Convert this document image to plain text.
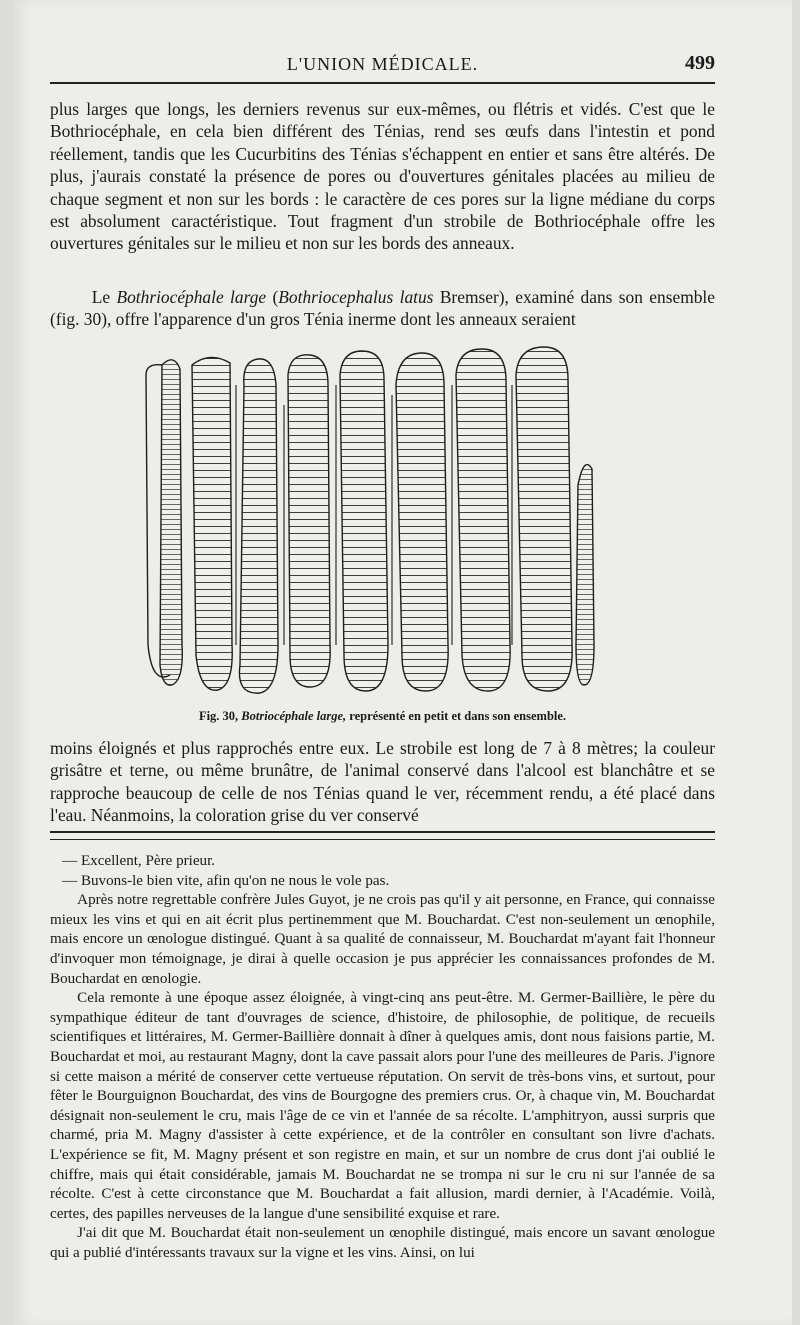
L'UNION MÉDICALE.	499

plus larges que longs, les derniers revenus sur eux-mêmes, ou flétris et vidés. C'est que le Bothriocéphale, en cela bien différent des Ténias, rend ses œufs dans l'intestin et pond réellement, tandis que les Cucurbitins des Ténias s'échappent en entier et sans être altérés. De plus, j'aurais constaté la présence de pores ou d'ouvertures génitales placées au milieu de chaque segment et non sur les bords : le caractère de ces pores sur la ligne médiane du corps est absolument caractéristique. Tout fragment d'un strobile de Bothriocéphale offre les ouvertures génitales sur le milieu et non sur les bords des anneaux.

Le Bothriocéphale large (Bothriocephalus latus Bremser), examiné dans son ensemble (fig. 30), offre l'apparence d'un gros Ténia inerme dont les anneaux seraient

Fig. 30, Botriocéphale large, représenté en petit et dans son ensemble.

moins éloignés et plus rapprochés entre eux. Le strobile est long de 7 à 8 mètres; la couleur grisâtre et terne, ou même brunâtre, de l'animal conservé dans l'alcool est blanchâtre et se rapproche beaucoup de celle de nos Ténias quand le ver, récemment rendu, a été placé dans l'eau. Néanmoins, la coloration grise du ver conservé

— Excellent, Père prieur.

— Buvons-le bien vite, afin qu'on ne nous le vole pas.

Après notre regrettable confrère Jules Guyot, je ne crois pas qu'il y ait personne, en France, qui connaisse mieux les vins et qui en ait écrit plus pertinemment que M. Bouchardat. C'est non-seulement un œnophile, mais encore un œnologue distingué. Quant à sa qualité de connaisseur, M. Bouchardat m'ayant fait l'honneur d'invoquer mon témoignage, je dirai à quelle occasion je pus apprécier les connaissances profondes de M. Bouchardat en œnologie.

Cela remonte à une époque assez éloignée, à vingt-cinq ans peut-être. M. Germer-Baillière, le père du sympathique éditeur de tant d'ouvrages de science, d'histoire, de philosophie, de politique, de recueils scientifiques et littéraires, M. Germer-Baillière donnait à dîner à quelques amis, dont nous faisions partie, M. Bouchardat et moi, au restaurant Magny, dont la cave passait alors pour l'une des meilleures de Paris. J'ignore si cette maison a mérité de conserver cette vertueuse réputation. On servit de très-bons vins, et surtout, pour fêter le Bourguignon Bouchardat, des vins de Bourgogne des premiers crus. Or, à chaque vin, M. Bouchardat désignait non-seulement le cru, mais l'âge de ce vin et l'année de sa récolte. L'amphitryon, aussi surpris que charmé, pria M. Magny d'assister à cette expérience, et de la contrôler en consultant son livre d'achats. L'expérience se fit, M. Magny présent et son registre en main, et sur un nombre de crus dont j'ai oublié le chiffre, mais qui était considérable, jamais M. Bouchardat ne se trompa ni sur le cru ni sur l'année de sa récolte. C'est à cette circonstance que M. Bouchardat a fait allusion, mardi dernier, à l'Académie. Voilà, certes, des papilles nerveuses de la langue d'une sensibilité exquise et rare.

J'ai dit que M. Bouchardat était non-seulement un œnophile distingué, mais encore un savant œnologue qui a publié d'intéressants travaux sur la vigne et les vins. Ainsi, on lui
